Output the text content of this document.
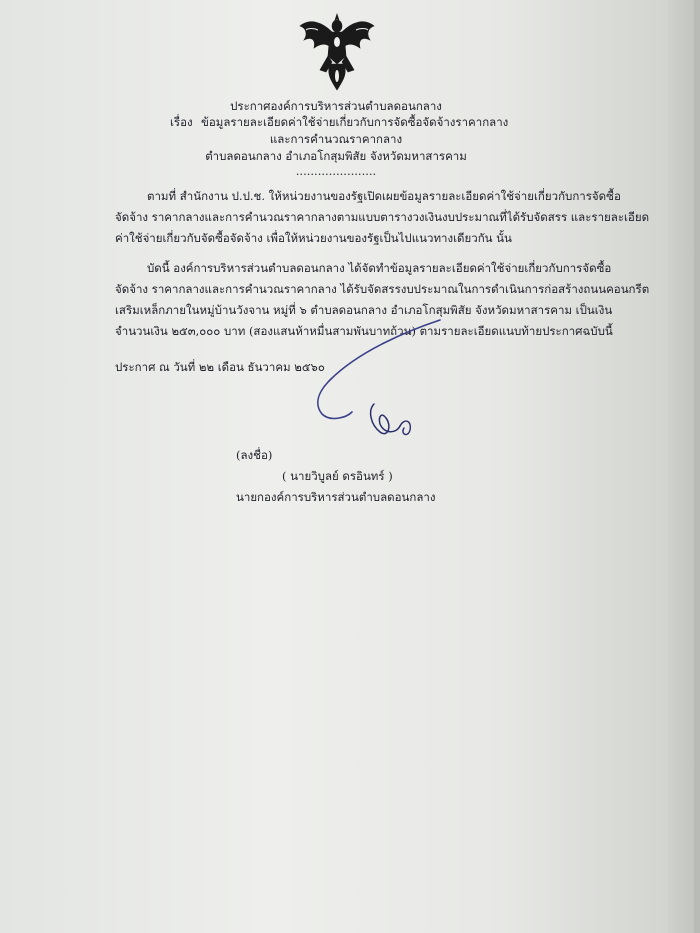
ประกาศองค์การบริหารส่วนตำบลดอนกลาง
เรื่อง ข้อมูลรายละเอียดค่าใช้จ่ายเกี่ยวกับการจัดซื้อจัดจ้างราคากลาง
และการคำนวณราคากลาง
ตำบลดอนกลาง อำเภอโกสุมพิสัย จังหวัดมหาสารคาม
......................
ตามที่ สำนักงาน ป.ป.ช. ให้หน่วยงานของรัฐเปิดเผยข้อมูลรายละเอียดค่าใช้จ่ายเกี่ยวกับการจัดซื้อ
จัดจ้าง ราคากลางและการคำนวณราคากลางตามแบบตารางวงเงินงบประมาณที่ได้รับจัดสรร และรายละเอียด
ค่าใช้จ่ายเกี่ยวกับจัดซื้อจัดจ้าง เพื่อให้หน่วยงานของรัฐเป็นไปแนวทางเดียวกัน นั้น
บัดนี้ องค์การบริหารส่วนตำบลดอนกลาง ได้จัดทำข้อมูลรายละเอียดค่าใช้จ่ายเกี่ยวกับการจัดซื้อ
จัดจ้าง ราคากลางและการคำนวณราคากลาง ได้รับจัดสรรงบประมาณในการดำเนินการก่อสร้างถนนคอนกรีต
เสริมเหล็กภายในหมู่บ้านวังจาน หมู่ที่ ๖ ตำบลดอนกลาง อำเภอโกสุมพิสัย จังหวัดมหาสารคาม เป็นเงิน
จำนวนเงิน ๒๕๓,๐๐๐ บาท (สองแสนห้าหมื่นสามพันบาทถ้วน) ตามรายละเอียดแนบท้ายประกาศฉบับนี้
ประกาศ ณ วันที่ ๒๒ เดือน ธันวาคม ๒๕๖๐
(ลงชื่อ)
( นายวิบูลย์ ดรอินทร์ )
นายกองค์การบริหารส่วนตำบลดอนกลาง
